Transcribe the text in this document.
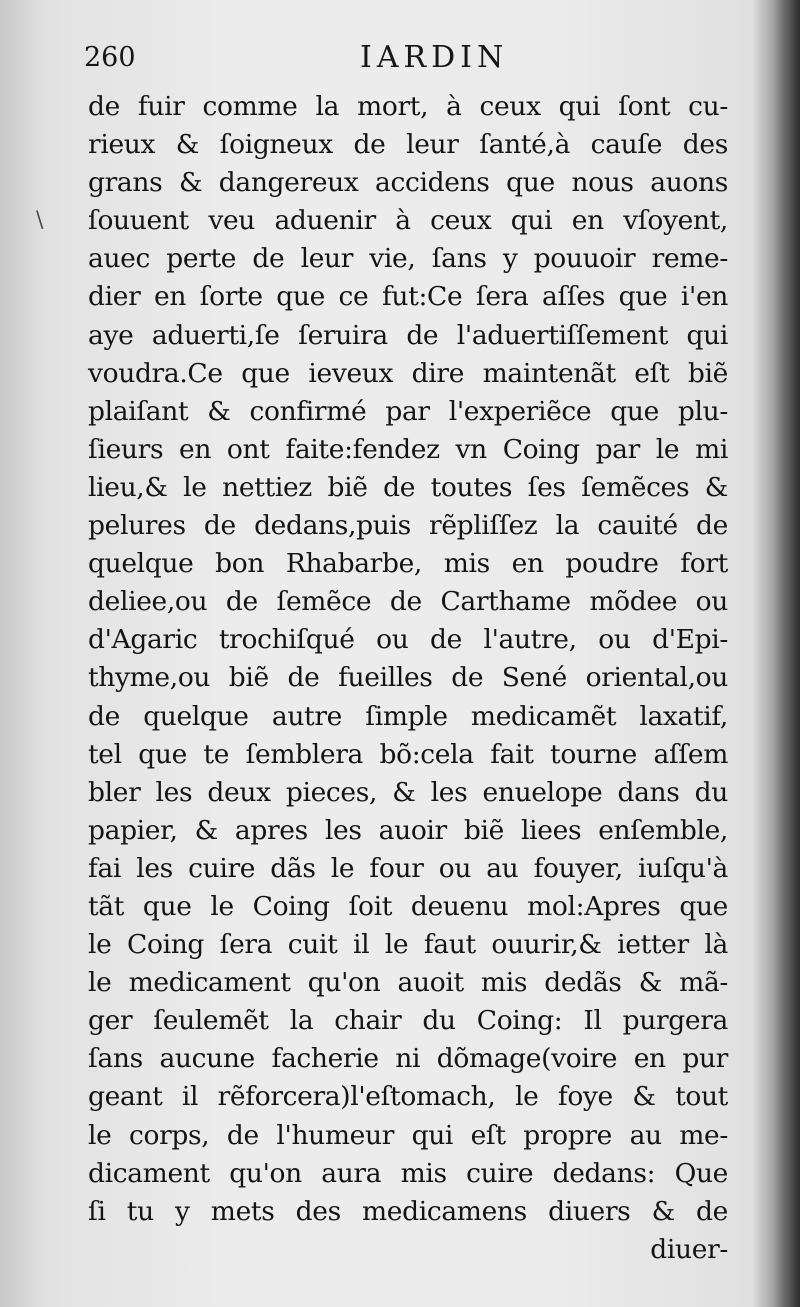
260	IARDIN
\
de fuir comme la mort, à ceux qui ſont cu-
rieux & ſoigneux de leur ſanté,à cauſe des
grans & dangereux accidens que nous auons
ſouuent veu aduenir à ceux qui en vſoyent,
auec perte de leur vie, ſans y pouuoir reme-
dier en ſorte que ce fut:Ce ſera aſſes que i'en
aye aduerti,ſe ſeruira de l'aduertiſſement qui
voudra.Ce que ieveux dire maintenãt eſt biẽ
plaiſant & confirmé par l'experiẽce que plu-
ſieurs en ont faite:fendez vn Coing par le mi
lieu,& le nettiez biẽ de toutes ſes ſemẽces &
pelures de dedans,puis rẽpliſſez la cauité de
quelque bon Rhabarbe, mis en poudre fort
deliee,ou de ſemẽce de Carthame mõdee ou
d'Agaric trochiſqué ou de l'autre, ou d'Epi-
thyme,ou biẽ de fueilles de Sené oriental,ou
de quelque autre ſimple medicamẽt laxatif,
tel que te ſemblera bõ:cela fait tourne aſſem
bler les deux pieces, & les enuelope dans du
papier, & apres les auoir biẽ liees enſemble,
fai les cuire dãs le four ou au fouyer, iuſqu'à
tãt que le Coing ſoit deuenu mol:Apres que
le Coing ſera cuit il le faut ouurir,& ietter là
le medicament qu'on auoit mis dedãs & mã-
ger ſeulemẽt la chair du Coing: Il purgera
ſans aucune facherie ni dõmage(voire en pur
geant il rẽforcera)l'eſtomach, le foye & tout
le corps, de l'humeur qui eſt propre au me-
dicament qu'on aura mis cuire dedans: Que
ſi tu y mets des medicamens diuers & de
diuer-
